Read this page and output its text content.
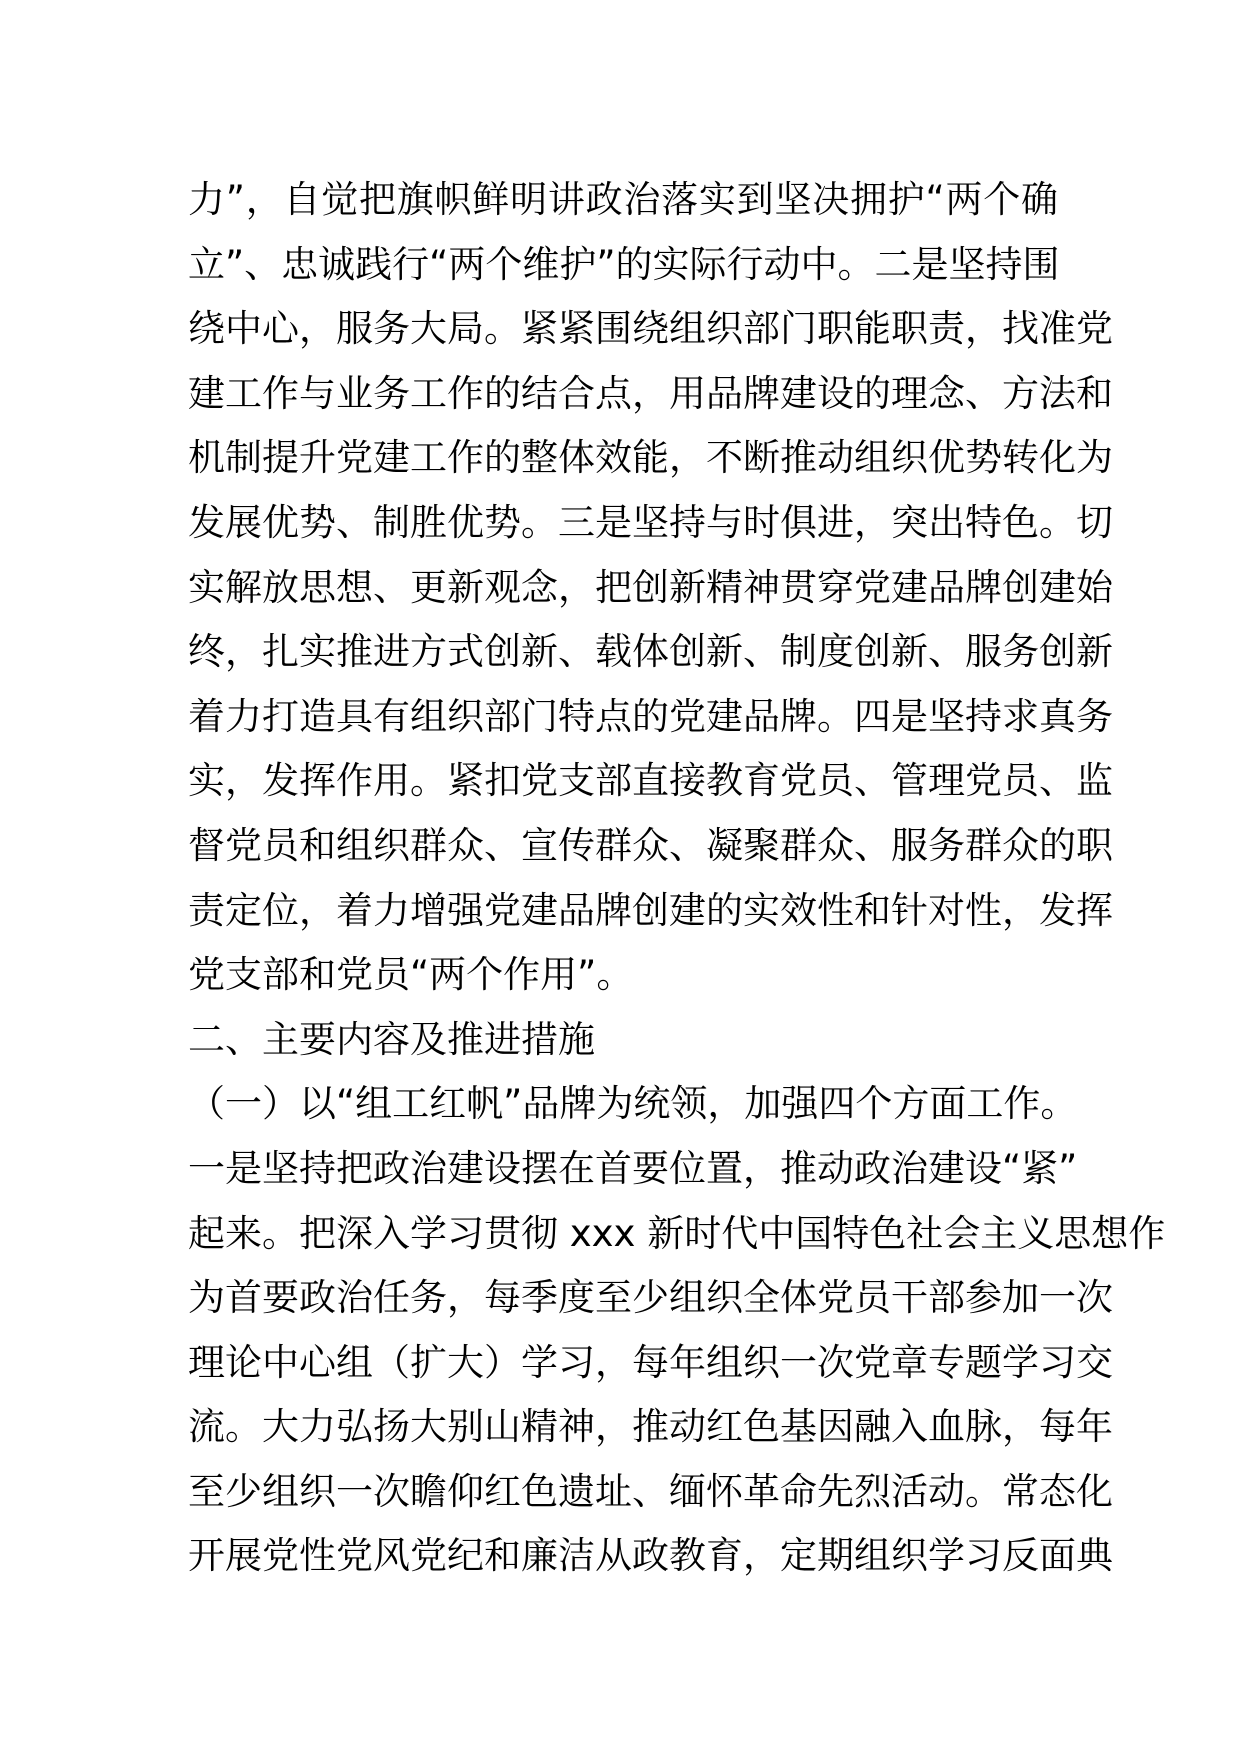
力”，自觉把旗帜鲜明讲政治落实到坚决拥护“两个确
立”、忠诚践行“两个维护”的实际行动中。二是坚持围
绕中心，服务大局。紧紧围绕组织部门职能职责，找准党
建工作与业务工作的结合点，用品牌建设的理念、方法和
机制提升党建工作的整体效能，不断推动组织优势转化为
发展优势、制胜优势。三是坚持与时俱进，突出特色。切
实解放思想、更新观念，把创新精神贯穿党建品牌创建始
终，扎实推进方式创新、载体创新、制度创新、服务创新
着力打造具有组织部门特点的党建品牌。四是坚持求真务
实，发挥作用。紧扣党支部直接教育党员、管理党员、监
督党员和组织群众、宣传群众、凝聚群众、服务群众的职
责定位，着力增强党建品牌创建的实效性和针对性，发挥
党支部和党员“两个作用”。
二、主要内容及推进措施
（一）以“组工红帆”品牌为统领，加强四个方面工作。
一是坚持把政治建设摆在首要位置，推动政治建设“紧”
起来。把深入学习贯彻 xxx 新时代中国特色社会主义思想作
为首要政治任务，每季度至少组织全体党员干部参加一次
理论中心组（扩大）学习，每年组织一次党章专题学习交
流。大力弘扬大别山精神，推动红色基因融入血脉，每年
至少组织一次瞻仰红色遗址、缅怀革命先烈活动。常态化
开展党性党风党纪和廉洁从政教育，定期组织学习反面典
